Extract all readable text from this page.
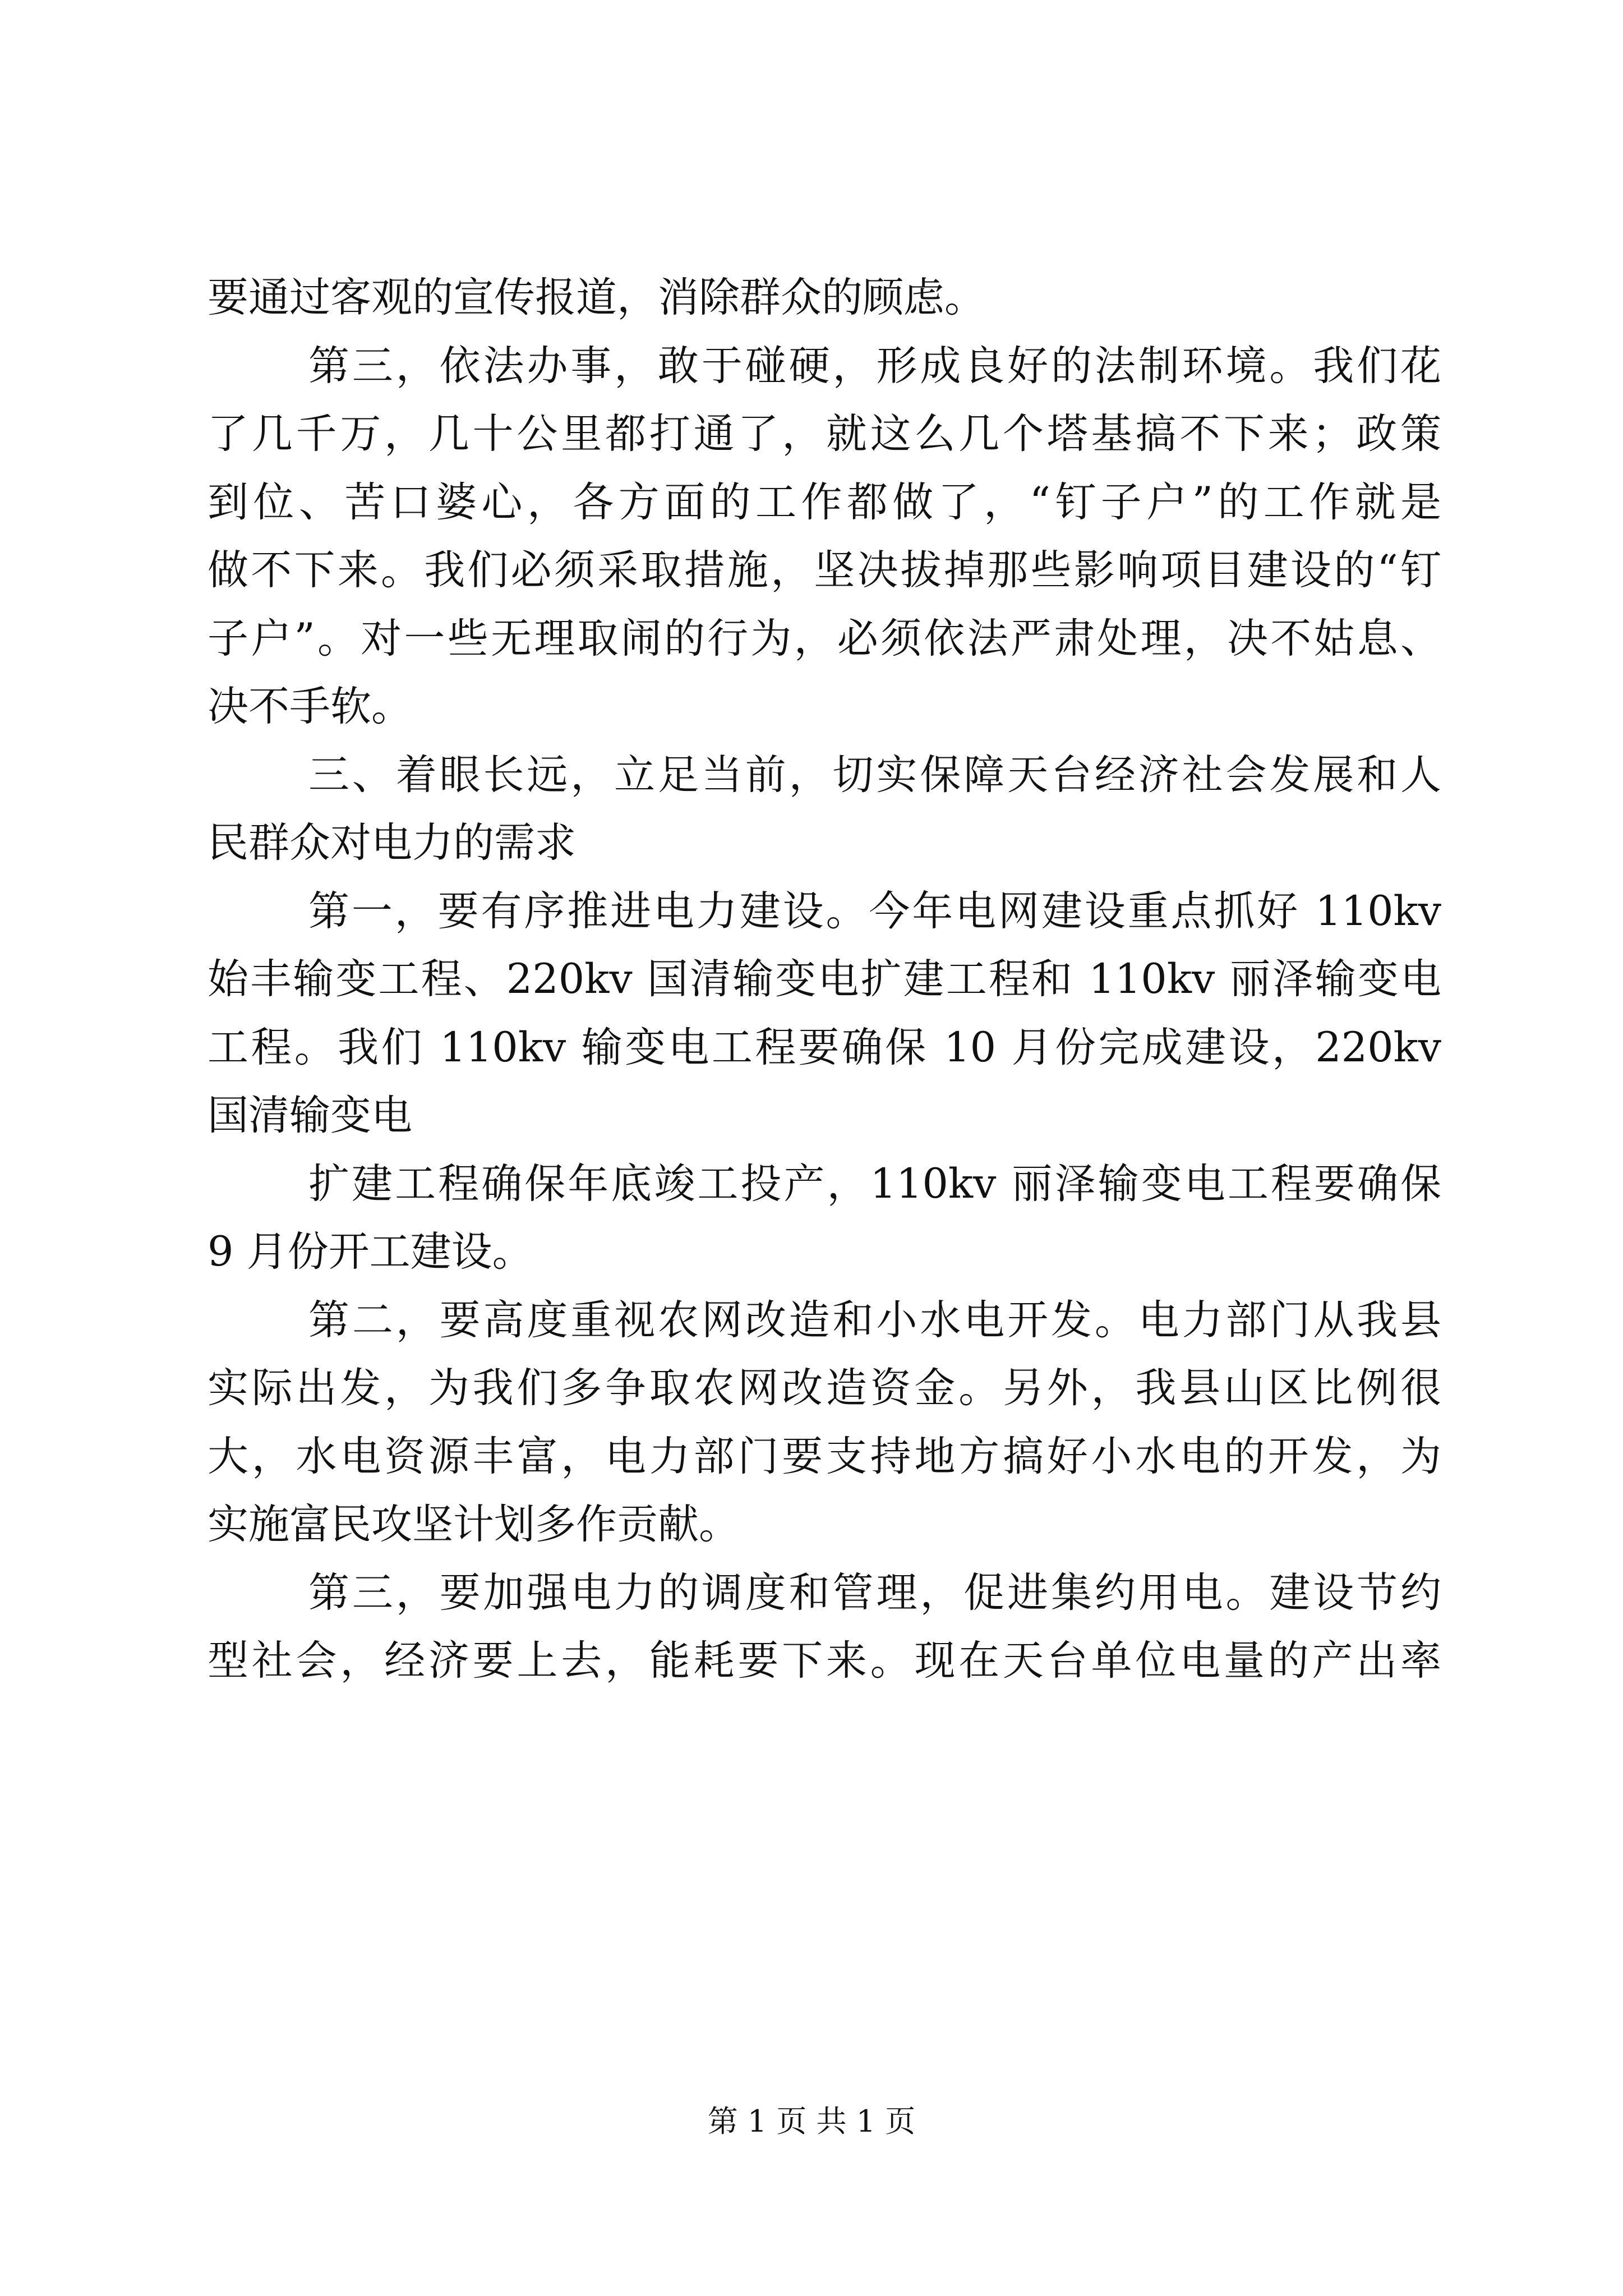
要通过客观的宣传报道，消除群众的顾虑。
第三，依法办事，敢于碰硬，形成良好的法制环境。我们花
了几千万，几十公里都打通了，就这么几个塔基搞不下来；政策
到位、苦口婆心，各方面的工作都做了，“钉子户”的工作就是
做不下来。我们必须采取措施，坚决拔掉那些影响项目建设的“钉
子户”。对一些无理取闹的行为，必须依法严肃处理，决不姑息、
决不手软。
三、着眼长远，立足当前，切实保障天台经济社会发展和人
民群众对电力的需求
第一，要有序推进电力建设。今年电网建设重点抓好 110kv
始丰输变工程、220kv 国清输变电扩建工程和 110kv 丽泽输变电
工程。我们 110kv 输变电工程要确保 10 月份完成建设，220kv
国清输变电
扩建工程确保年底竣工投产，110kv 丽泽输变电工程要确保
9 月份开工建设。
第二，要高度重视农网改造和小水电开发。电力部门从我县
实际出发，为我们多争取农网改造资金。另外，我县山区比例很
大，水电资源丰富，电力部门要支持地方搞好小水电的开发，为
实施富民攻坚计划多作贡献。
第三，要加强电力的调度和管理，促进集约用电。建设节约
型社会，经济要上去，能耗要下来。现在天台单位电量的产出率
第 1 页 共 1 页
